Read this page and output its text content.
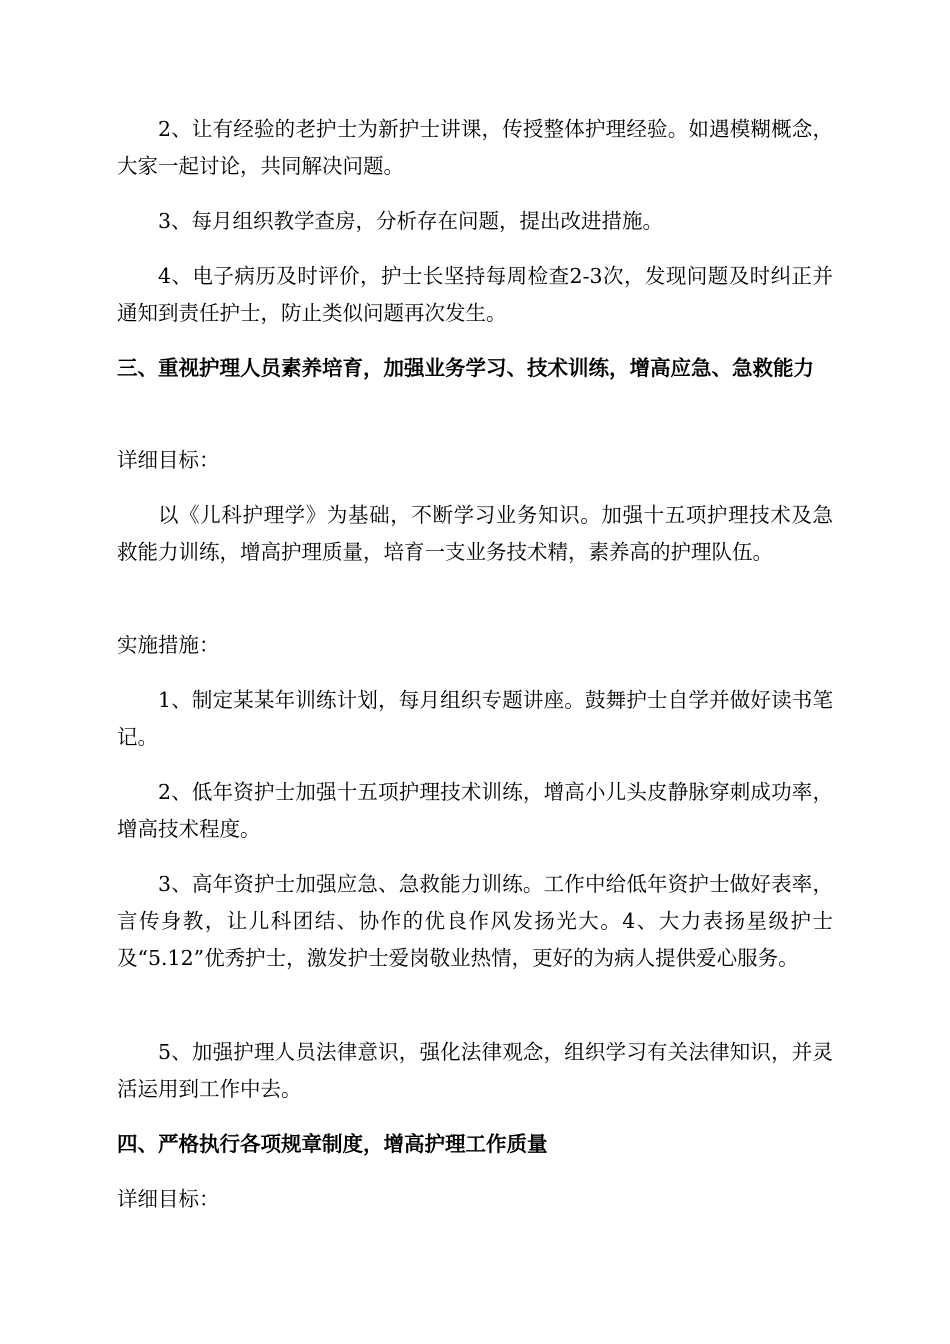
2、让有经验的老护士为新护士讲课，传授整体护理经验。如遇模糊概念，大家一起讨论，共同解决问题。

3、每月组织教学查房，分析存在问题，提出改进措施。

4、电子病历及时评价，护士长坚持每周检查2-3次，发现问题及时纠正并通知到责任护士，防止类似问题再次发生。

三、重视护理人员素养培育，加强业务学习、技术训练，增高应急、急救能力

详细目标：

以《儿科护理学》为基础，不断学习业务知识。加强十五项护理技术及急救能力训练，增高护理质量，培育一支业务技术精，素养高的护理队伍。

实施措施：

1、制定某某年训练计划，每月组织专题讲座。鼓舞护士自学并做好读书笔记。

2、低年资护士加强十五项护理技术训练，增高小儿头皮静脉穿刺成功率，增高技术程度。

3、高年资护士加强应急、急救能力训练。工作中给低年资护士做好表率，言传身教，让儿科团结、协作的优良作风发扬光大。4、大力表扬星级护士及“5.12”优秀护士，激发护士爱岗敬业热情，更好的为病人提供爱心服务。

5、加强护理人员法律意识，强化法律观念，组织学习有关法律知识，并灵活运用到工作中去。

四、严格执行各项规章制度，增高护理工作质量

详细目标：
